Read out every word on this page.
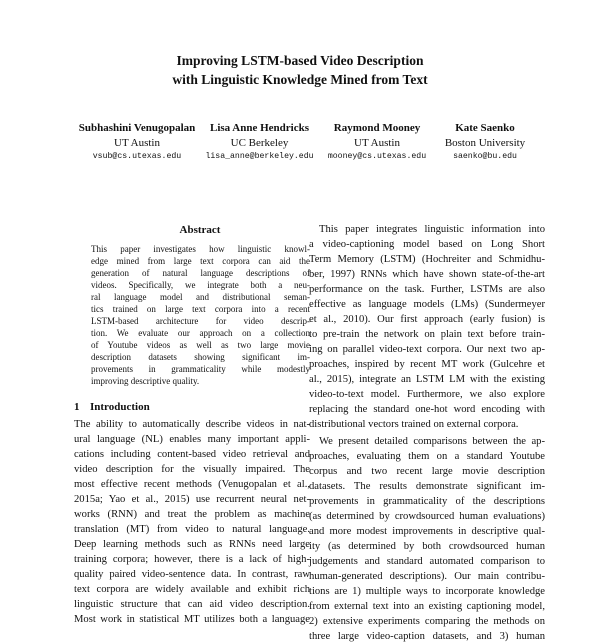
Improving LSTM-based Video Description
with Linguistic Knowledge Mined from Text
Subhashini Venugopalan
UT Austin
vsub@cs.utexas.edu
Lisa Anne Hendricks
UC Berkeley
lisa_anne@berkeley.edu
Raymond Mooney
UT Austin
mooney@cs.utexas.edu
Kate Saenko
Boston University
saenko@bu.edu
Abstract
This paper investigates how linguistic knowl-
edge mined from large text corpora can aid the
generation of natural language descriptions of
videos. Specifically, we integrate both a neu-
ral language model and distributional seman-
tics trained on large text corpora into a recent
LSTM-based architecture for video descrip-
tion. We evaluate our approach on a collection
of Youtube videos as well as two large movie
description datasets showing significant im-
provements in grammaticality while modestly
improving descriptive quality.
1 Introduction
The ability to automatically describe videos in nat-
ural language (NL) enables many important appli-
cations including content-based video retrieval and
video description for the visually impaired. The
most effective recent methods (Venugopalan et al.,
2015a; Yao et al., 2015) use recurrent neural net-
works (RNN) and treat the problem as machine
translation (MT) from video to natural language.
Deep learning methods such as RNNs need large
training corpora; however, there is a lack of high-
quality paired video-sentence data. In contrast, raw
text corpora are widely available and exhibit rich
linguistic structure that can aid video description.
Most work in statistical MT utilizes both a language
This paper integrates linguistic information into
a video-captioning model based on Long Short
Term Memory (LSTM) (Hochreiter and Schmidhu-
ber, 1997) RNNs which have shown state-of-the-art
performance on the task. Further, LSTMs are also
effective as language models (LMs) (Sundermeyer
et al., 2010). Our first approach (early fusion) is
to pre-train the network on plain text before train-
ing on parallel video-text corpora. Our next two ap-
proaches, inspired by recent MT work (Gulcehre et
al., 2015), integrate an LSTM LM with the existing
video-to-text model. Furthermore, we also explore
replacing the standard one-hot word encoding with
distributional vectors trained on external corpora.
We present detailed comparisons between the ap-
proaches, evaluating them on a standard Youtube
corpus and two recent large movie description
datasets. The results demonstrate significant im-
provements in grammaticality of the descriptions
(as determined by crowdsourced human evaluations)
and more modest improvements in descriptive qual-
ity (as determined by both crowdsourced human
judgements and standard automated comparison to
human-generated descriptions). Our main contribu-
tions are 1) multiple ways to incorporate knowledge
from external text into an existing captioning model,
2) extensive experiments comparing the methods on
three large video-caption datasets, and 3) human
